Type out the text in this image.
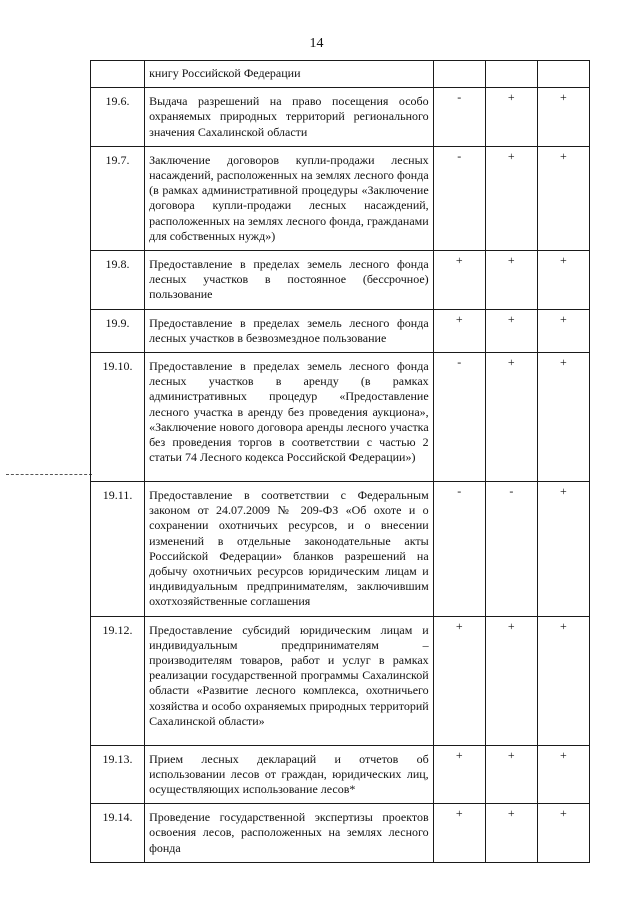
14
	книгу Российской Федерации			
19.6.	Выдача разрешений на право посещения особо охраняемых природных территорий регионального значения Сахалинской области	-	+	+
19.7.	Заключение договоров купли-продажи лесных насаждений, расположенных на землях лесного фонда (в рамках административной процедуры «Заключение договора купли-продажи лесных насаждений, расположенных на землях лесного фонда, гражданами для собственных нужд»)	-	+	+
19.8.	Предоставление в пределах земель лесного фонда лесных участков в постоянное (бессрочное) пользование	+	+	+
19.9.	Предоставление в пределах земель лесного фонда лесных участков в безвозмездное пользование	+	+	+
19.10.	Предоставление в пределах земель лесного фонда лесных участков в аренду (в рамках административных процедур «Предоставление лесного участка в аренду без проведения аукциона», «Заключение нового договора аренды лесного участка без проведения торгов в соответствии с частью 2 статьи 74 Лесного кодекса Российской Федерации»)	-	+	+
19.11.	Предоставление в соответствии с Федеральным законом от 24.07.2009 № 209-ФЗ «Об охоте и о сохранении охотничьих ресурсов, и о внесении изменений в отдельные законодательные акты Российской Федерации» бланков разрешений на добычу охотничьих ресурсов юридическим лицам и индивидуальным предпринимателям, заключившим охотхозяйственные соглашения	-	-	+
19.12.	Предоставление субсидий юридическим лицам и индивидуальным предпринимателям – производителям товаров, работ и услуг в рамках реализации государственной программы Сахалинской области «Развитие лесного комплекса, охотничьего хозяйства и особо охраняемых природных территорий Сахалинской области»	+	+	+
19.13.	Прием лесных деклараций и отчетов об использовании лесов от граждан, юридических лиц, осуществляющих использование лесов*	+	+	+
19.14.	Проведение государственной экспертизы проектов освоения лесов, расположенных на землях лесного фонда	+	+	+
